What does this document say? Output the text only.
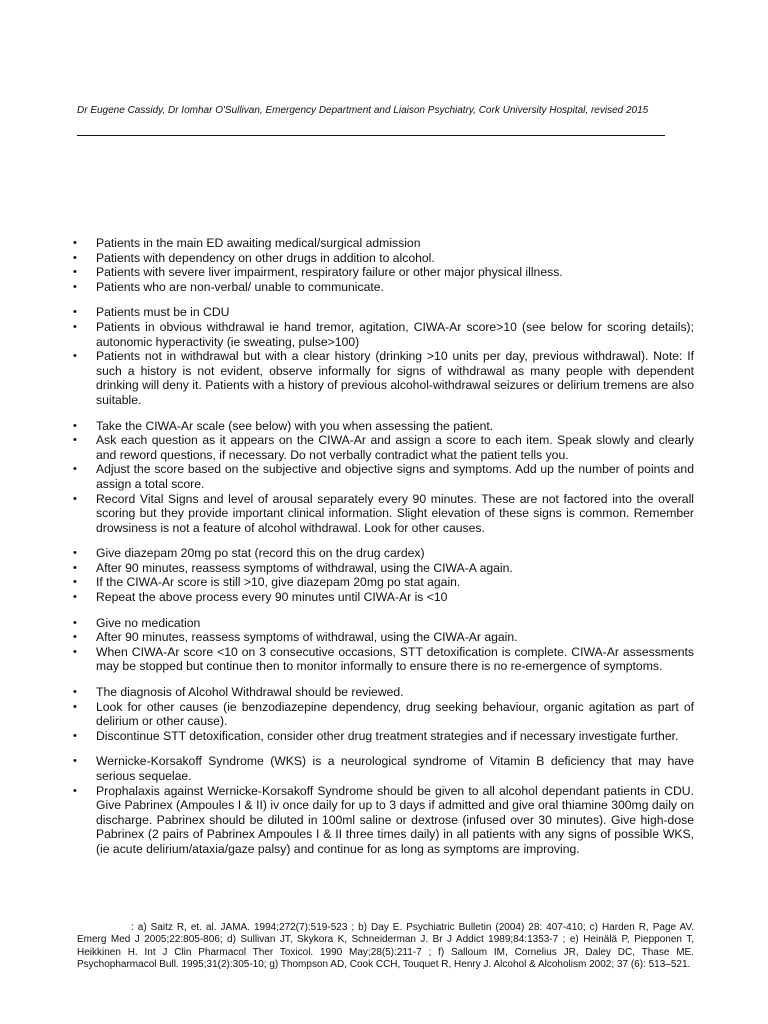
Dr Eugene Cassidy, Dr Iomhar O'Sullivan, Emergency Department and Liaison Psychiatry, Cork University Hospital, revised 2015
• Patients in the main ED awaiting medical/surgical admission
• Patients with dependency on other drugs in addition to alcohol.
• Patients with severe liver impairment, respiratory failure or other major physical illness.
• Patients who are non-verbal/ unable to communicate.
• Patients must be in CDU
• Patients in obvious withdrawal ie hand tremor, agitation, CIWA-Ar score>10 (see below for scoring details); autonomic hyperactivity (ie sweating, pulse>100)
• Patients not in withdrawal but with a clear history (drinking >10 units per day, previous withdrawal). Note: If such a history is not evident, observe informally for signs of withdrawal as many people with dependent drinking will deny it. Patients with a history of previous alcohol-withdrawal seizures or delirium tremens are also suitable.
• Take the CIWA-Ar scale (see below) with you when assessing the patient.
• Ask each question as it appears on the CIWA-Ar and assign a score to each item. Speak slowly and clearly and reword questions, if necessary. Do not verbally contradict what the patient tells you.
• Adjust the score based on the subjective and objective signs and symptoms. Add up the number of points and assign a total score.
• Record Vital Signs and level of arousal separately every 90 minutes. These are not factored into the overall scoring but they provide important clinical information. Slight elevation of these signs is common. Remember drowsiness is not a feature of alcohol withdrawal. Look for other causes.
• Give diazepam 20mg po stat (record this on the drug cardex)
• After 90 minutes, reassess symptoms of withdrawal, using the CIWA-A again.
• If the CIWA-Ar score is still >10, give diazepam 20mg po stat again.
• Repeat the above process every 90 minutes until CIWA-Ar is <10
• Give no medication
• After 90 minutes, reassess symptoms of withdrawal, using the CIWA-Ar again.
• When CIWA-Ar score <10 on 3 consecutive occasions, STT detoxification is complete. CIWA-Ar assessments may be stopped but continue then to monitor informally to ensure there is no re-emergence of symptoms.
• The diagnosis of Alcohol Withdrawal should be reviewed.
• Look for other causes (ie benzodiazepine dependency, drug seeking behaviour, organic agitation as part of delirium or other cause).
• Discontinue STT detoxification, consider other drug treatment strategies and if necessary investigate further.
• Wernicke-Korsakoff Syndrome (WKS) is a neurological syndrome of Vitamin B deficiency that may have serious sequelae.
• Prophalaxis against Wernicke-Korsakoff Syndrome should be given to all alcohol dependant patients in CDU. Give Pabrinex (Ampoules I & II) iv once daily for up to 3 days if admitted and give oral thiamine 300mg daily on discharge. Pabrinex should be diluted in 100ml saline or dextrose (infused over 30 minutes). Give high-dose Pabrinex (2 pairs of Pabrinex Ampoules I & II three times daily) in all patients with any signs of possible WKS, (ie acute delirium/ataxia/gaze palsy) and continue for as long as symptoms are improving.
: a) Saitz R, et. al. JAMA. 1994;272(7):519-523 ; b) Day E. Psychiatric Bulletin (2004) 28: 407-410; c) Harden R, Page AV. Emerg Med J 2005;22:805-806; d) Sullivan JT, Skykora K, Schneiderman J. Br J Addict 1989;84:1353-7 ; e) Heinälä P, Piepponen T, Heikkinen H. Int J Clin Pharmacol Ther Toxicol. 1990 May;28(5):211-7 ; f) Salloum IM, Cornelius JR, Daley DC, Thase ME. Psychopharmacol Bull. 1995;31(2):305-10; g) Thompson AD, Cook CCH, Touquet R, Henry J. Alcohol & Alcoholism 2002; 37 (6): 513–521.
